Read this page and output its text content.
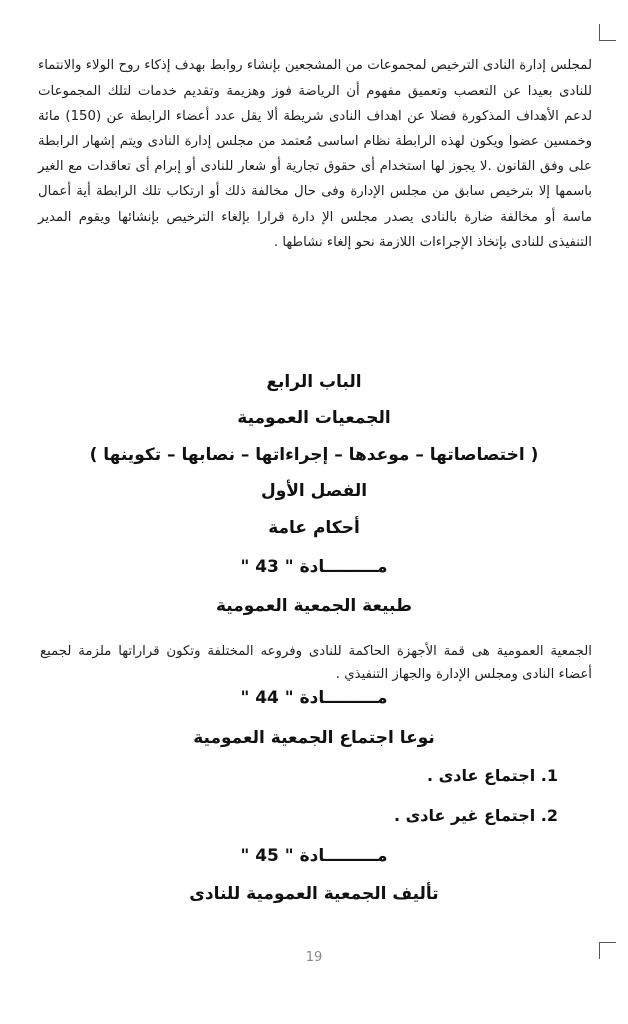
لمجلس إدارة النادى الترخيص لمجموعات من المشجعين بإنشاء روابط بهدف إذكاء روح الولاء والانتماء للنادى بعيدا عن التعصب وتعميق مفهوم أن الرياضة فوز وهزيمة وتقديم خدمات لتلك المجموعات لدعم الأهداف المذكورة فضلا عن اهداف النادى شريطة ألا يقل عدد أعضاء الرابطة عن (150) مائة وخمسين عضوا ويكون لهذه الرابطة نظام اساسى مُعتمد من مجلس إدارة النادى ويتم إشهار الرابطة على وفق القانون .لا يجوز لها استخدام أى حقوق تجارية أو شعار للنادى أو إبرام أى تعاقدات مع الغير باسمها إلا بترخيص سابق من مجلس الإدارة وفى حال مخالفة ذلك أو ارتكاب تلك الرابطة أية أعمال ماسة أو مخالفة ضارة بالنادى يصدر مجلس الإ دارة قرارا بإلغاء الترخيص بإنشائها ويقوم المدير التنفيذى للنادى بإتخاذ الإجراءات اللازمة نحو إلغاء نشاطها .

الباب الرابع
الجمعيات العمومية
( اختصاصاتها – موعدها – إجراءاتها – نصابها – تكوينها )
الفصل الأول
أحكام عامة
مـــــــــادة " 43 "
طبيعة الجمعية العمومية

الجمعية العمومية هى قمة الأجهزة الحاكمة للنادى وفروعه المختلفة وتكون قراراتها ملزمة لجميع أعضاء النادى ومجلس الإدارة والجهاز التنفيذي .

مـــــــــادة " 44 "
نوعا اجتماع الجمعية العمومية
1. اجتماع عادى .
2. اجتماع غير عادى .
مـــــــــادة " 45 "
تأليف الجمعية العمومية للنادى
19
